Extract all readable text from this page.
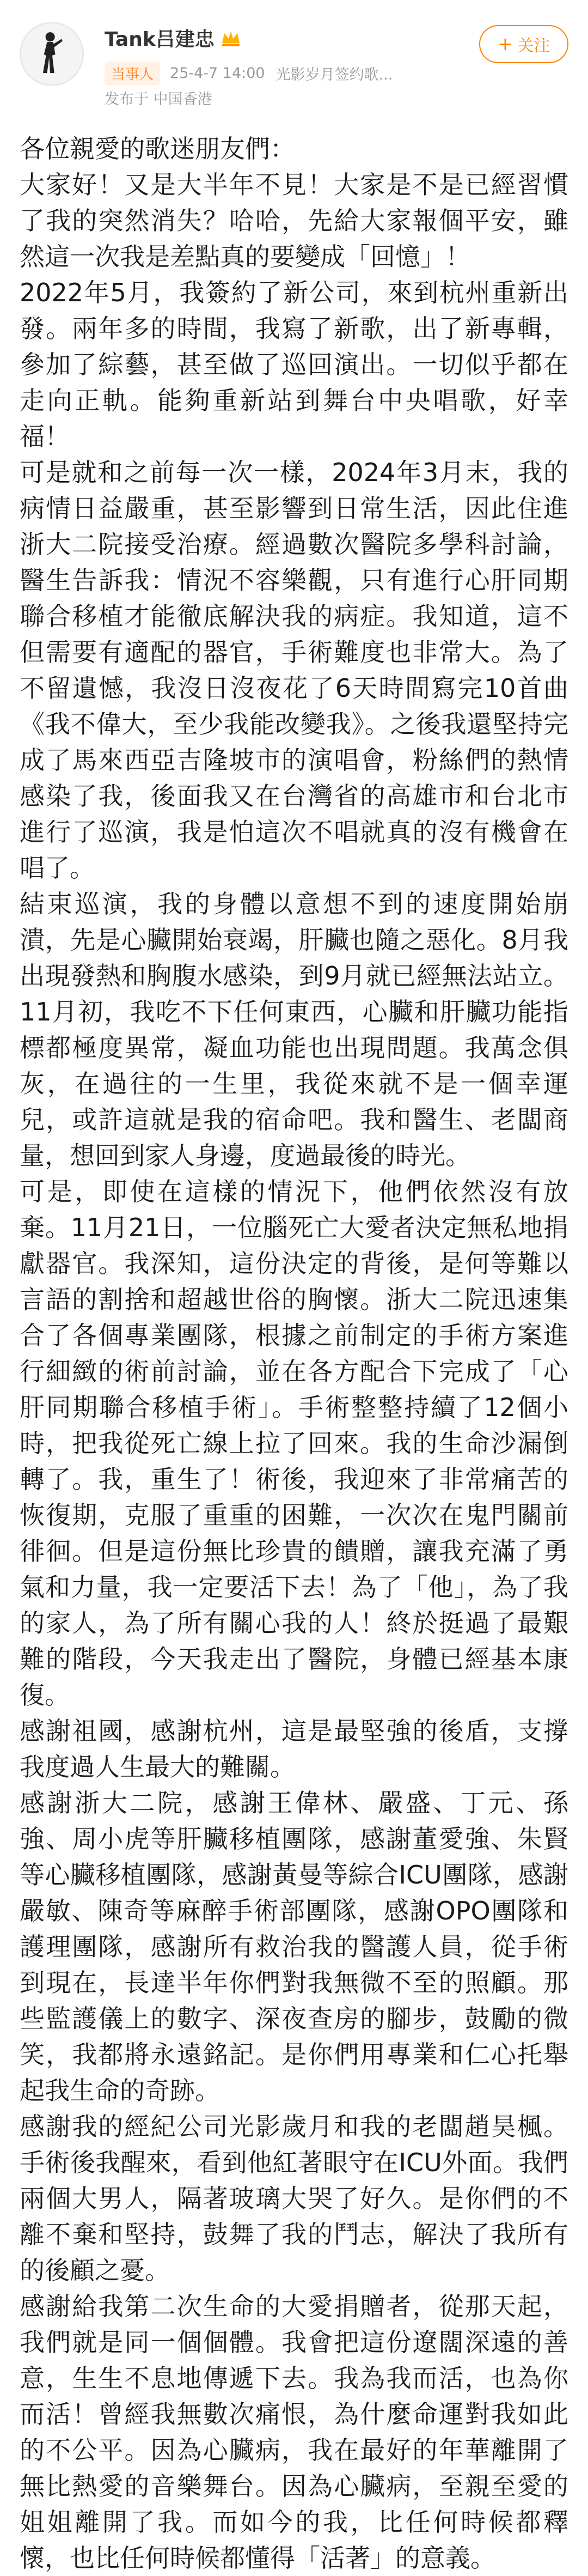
Tank吕建忠
当事人	25-4-7 14:00 光影岁月签约歌...
发布于 中国香港
+ 关注

各位親愛的歌迷朋友們：

大家好！又是大半年不見！大家是不是已經習慣了我的突然消失？哈哈，先給大家報個平安，雖然這一次我是差點真的要變成「回憶」！

2022年5月，我簽約了新公司，來到杭州重新出發。兩年多的時間，我寫了新歌，出了新專輯，參加了綜藝，甚至做了巡回演出。一切似乎都在走向正軌。能夠重新站到舞台中央唱歌，好幸福！

可是就和之前每一次一樣，2024年3月末，我的病情日益嚴重，甚至影響到日常生活，因此住進浙大二院接受治療。經過數次醫院多學科討論，醫生告訴我：情況不容樂觀，只有進行心肝同期聯合移植才能徹底解決我的病症。我知道，這不但需要有適配的器官，手術難度也非常大。為了不留遺憾，我沒日沒夜花了6天時間寫完10首曲《我不偉大，至少我能改變我》。之後我還堅持完成了馬來西亞吉隆坡市的演唱會，粉絲們的熱情感染了我，後面我又在台灣省的高雄市和台北市進行了巡演，我是怕這次不唱就真的沒有機會在唱了。

結束巡演，我的身體以意想不到的速度開始崩潰，先是心臟開始衰竭，肝臟也隨之惡化。8月我出現發熱和胸腹水感染，到9月就已經無法站立。11月初，我吃不下任何東西，心臟和肝臟功能指標都極度異常，凝血功能也出現問題。我萬念俱灰，在過往的一生里，我從來就不是一個幸運兒，或許這就是我的宿命吧。我和醫生、老闆商量，想回到家人身邊，度過最後的時光。

可是，即使在這樣的情況下，他們依然沒有放棄。11月21日，一位腦死亡大愛者決定無私地捐獻器官。我深知，這份決定的背後，是何等難以言語的割捨和超越世俗的胸懷。浙大二院迅速集合了各個專業團隊，根據之前制定的手術方案進行細緻的術前討論，並在各方配合下完成了「心肝同期聯合移植手術」。手術整整持續了12個小時，把我從死亡線上拉了回來。我的生命沙漏倒轉了。我，重生了！術後，我迎來了非常痛苦的恢復期，克服了重重的困難，一次次在鬼門關前徘徊。但是這份無比珍貴的饋贈，讓我充滿了勇氣和力量，我一定要活下去！為了「他」，為了我的家人，為了所有關心我的人！終於挺過了最艱難的階段，今天我走出了醫院，身體已經基本康復。

感謝祖國，感謝杭州，這是最堅強的後盾，支撐我度過人生最大的難關。

感謝浙大二院，感謝王偉林、嚴盛、丁元、孫強、周小虎等肝臟移植團隊，感謝董愛強、朱賢等心臟移植團隊，感謝黃曼等綜合ICU團隊，感謝嚴敏、陳奇等麻醉手術部團隊，感謝OPO團隊和護理團隊，感謝所有救治我的醫護人員，從手術到現在，長達半年你們對我無微不至的照顧。那些監護儀上的數字、深夜查房的腳步，鼓勵的微笑，我都將永遠銘記。是你們用專業和仁心托舉起我生命的奇跡。

感謝我的經紀公司光影歲月和我的老闆趙昊楓。手術後我醒來，看到他紅著眼守在ICU外面。我們兩個大男人，隔著玻璃大哭了好久。是你們的不離不棄和堅持，鼓舞了我的鬥志，解決了我所有的後顧之憂。

感謝給我第二次生命的大愛捐贈者，從那天起，我們就是同一個個體。我會把這份遼闊深遠的善意，生生不息地傳遞下去。我為我而活，也為你而活！曾經我無數次痛恨，為什麼命運對我如此的不公平。因為心臟病，我在最好的年華離開了無比熱愛的音樂舞台。因為心臟病，至親至愛的姐姐離開了我。而如今的我，比任何時候都釋懷，也比任何時候都懂得「活著」的意義。
